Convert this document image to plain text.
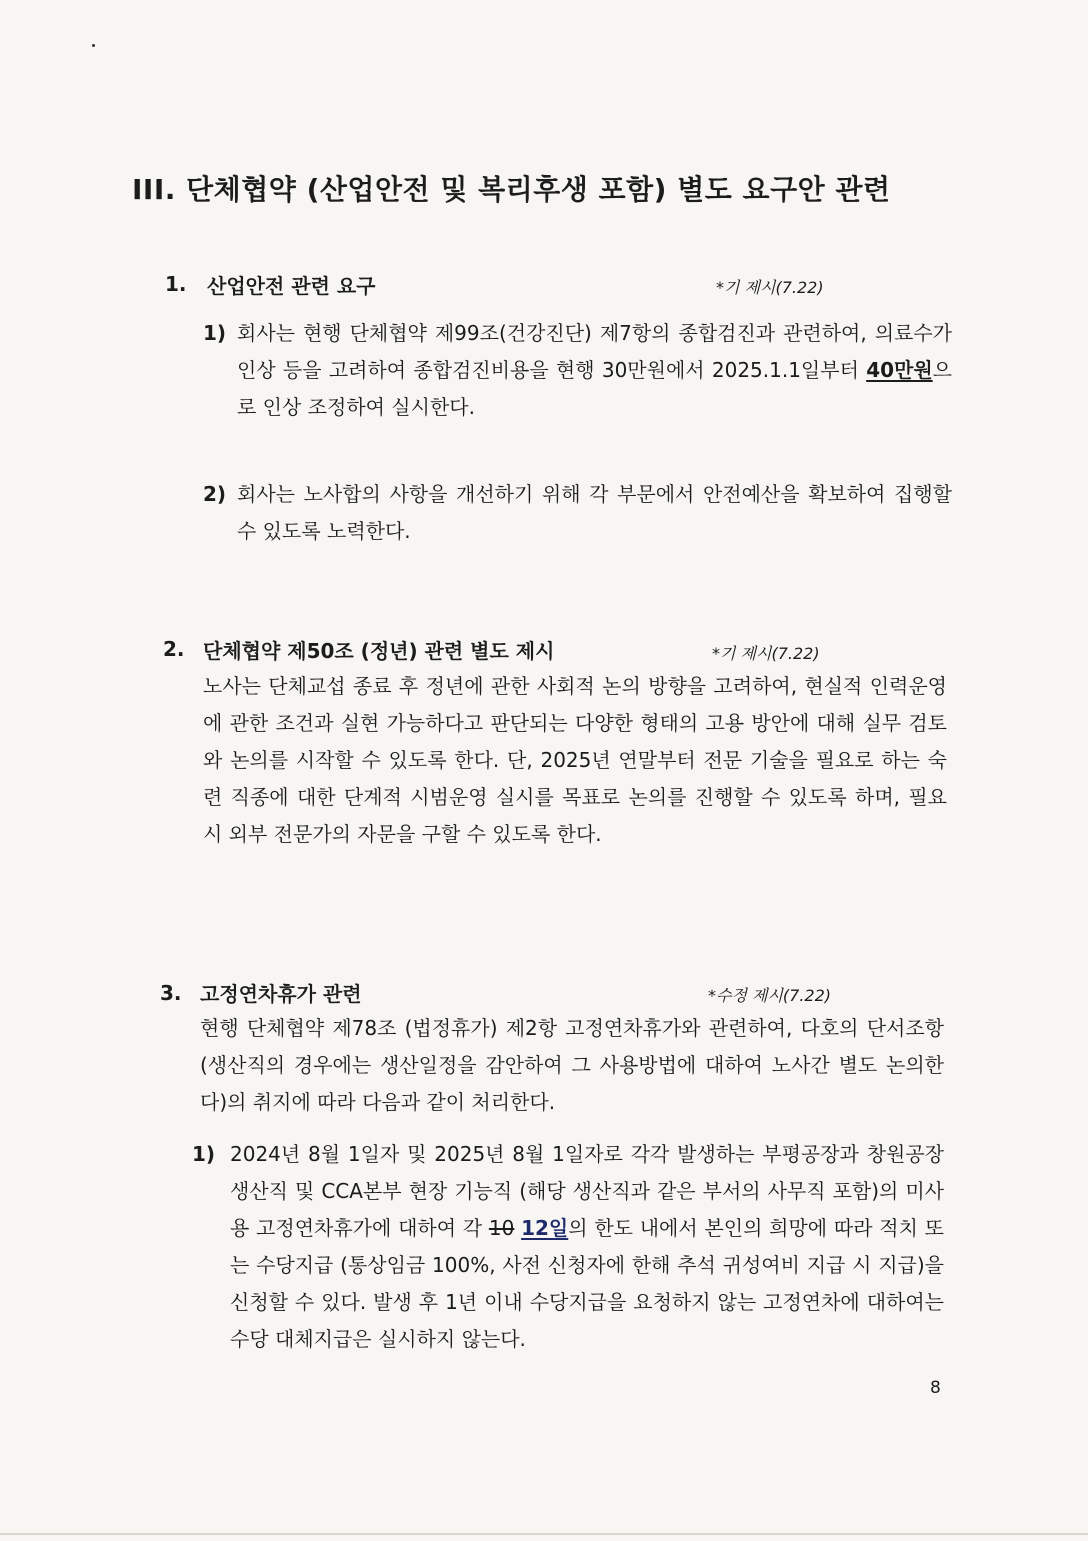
III. 단체협약 (산업안전 및 복리후생 포함) 별도 요구안 관련
1. 산업안전 관련 요구	*기 제시(7.22)
1) 회사는 현행 단체협약 제99조(건강진단) 제7항의 종합검진과 관련하여, 의료수가 인상 등을 고려하여 종합검진비용을 현행 30만원에서 2025.1.1일부터 40만원으로 인상 조정하여 실시한다.
2) 회사는 노사합의 사항을 개선하기 위해 각 부문에서 안전예산을 확보하여 집행할 수 있도록 노력한다.
2. 단체협약 제50조 (정년) 관련 별도 제시	*기 제시(7.22)
노사는 단체교섭 종료 후 정년에 관한 사회적 논의 방향을 고려하여, 현실적 인력운영에 관한 조건과 실현 가능하다고 판단되는 다양한 형태의 고용 방안에 대해 실무 검토와 논의를 시작할 수 있도록 한다. 단, 2025년 연말부터 전문 기술을 필요로 하는 숙련 직종에 대한 단계적 시범운영 실시를 목표로 논의를 진행할 수 있도록 하며, 필요 시 외부 전문가의 자문을 구할 수 있도록 한다.
3. 고정연차휴가 관련	*수정 제시(7.22)
현행 단체협약 제78조 (법정휴가) 제2항 고정연차휴가와 관련하여, 다호의 단서조항(생산직의 경우에는 생산일정을 감안하여 그 사용방법에 대하여 노사간 별도 논의한다)의 취지에 따라 다음과 같이 처리한다.
1) 2024년 8월 1일자 및 2025년 8월 1일자로 각각 발생하는 부평공장과 창원공장 생산직 및 CCA본부 현장 기능직 (해당 생산직과 같은 부서의 사무직 포함)의 미사용 고정연차휴가에 대하여 각 10 12일의 한도 내에서 본인의 희망에 따라 적치 또는 수당지급 (통상임금 100%, 사전 신청자에 한해 추석 귀성여비 지급 시 지급)을 신청할 수 있다. 발생 후 1년 이내 수당지급을 요청하지 않는 고정연차에 대하여는 수당 대체지급은 실시하지 않는다.
8
